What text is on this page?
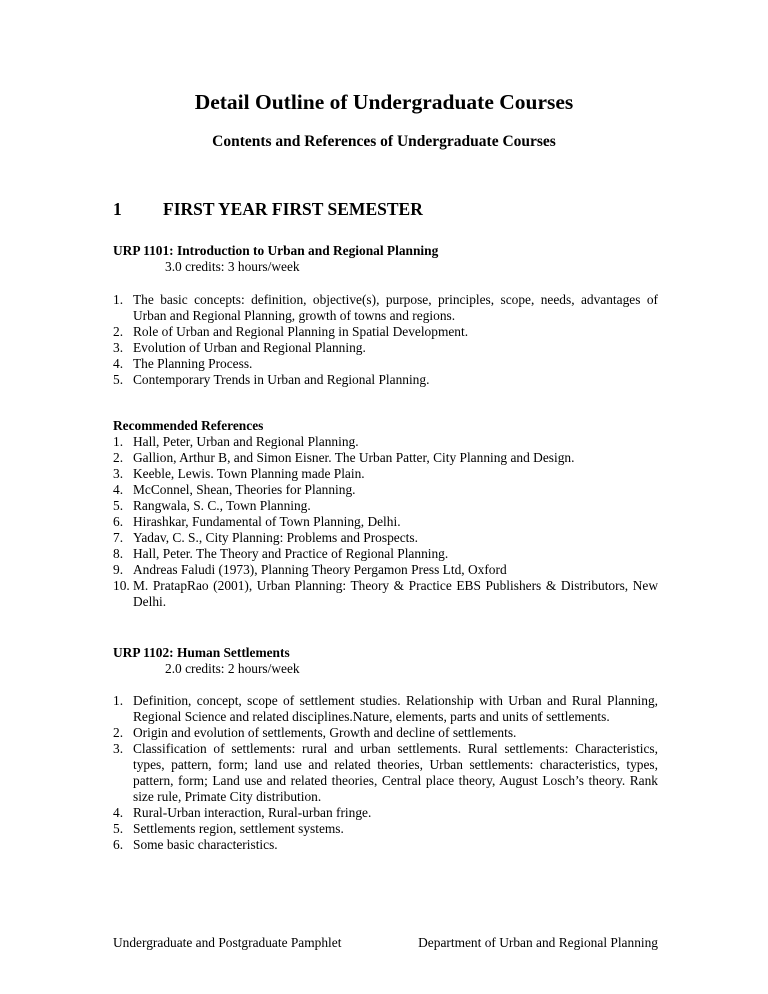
Detail Outline of Undergraduate Courses
Contents and References of Undergraduate Courses
1 FIRST YEAR FIRST SEMESTER
URP 1101: Introduction to Urban and Regional Planning
3.0 credits: 3 hours/week
1. The basic concepts: definition, objective(s), purpose, principles, scope, needs, advantages of Urban and Regional Planning, growth of towns and regions.
2. Role of Urban and Regional Planning in Spatial Development.
3. Evolution of Urban and Regional Planning.
4. The Planning Process.
5. Contemporary Trends in Urban and Regional Planning.
Recommended References
1. Hall, Peter, Urban and Regional Planning.
2. Gallion, Arthur B, and Simon Eisner. The Urban Patter, City Planning and Design.
3. Keeble, Lewis. Town Planning made Plain.
4. McConnel, Shean, Theories for Planning.
5. Rangwala, S. C., Town Planning.
6. Hirashkar, Fundamental of Town Planning, Delhi.
7. Yadav, C. S., City Planning: Problems and Prospects.
8. Hall, Peter. The Theory and Practice of Regional Planning.
9. Andreas Faludi (1973), Planning Theory Pergamon Press Ltd, Oxford
10. M. PratapRao (2001), Urban Planning: Theory & Practice EBS Publishers & Distributors, New Delhi.
URP 1102: Human Settlements
2.0 credits: 2 hours/week
1. Definition, concept, scope of settlement studies. Relationship with Urban and Rural Planning, Regional Science and related disciplines.Nature, elements, parts and units of settlements.
2. Origin and evolution of settlements, Growth and decline of settlements.
3. Classification of settlements: rural and urban settlements. Rural settlements: Characteristics, types, pattern, form; land use and related theories, Urban settlements: characteristics, types, pattern, form; Land use and related theories, Central place theory, August Losch’s theory. Rank size rule, Primate City distribution.
4. Rural-Urban interaction, Rural-urban fringe.
5. Settlements region, settlement systems.
6. Some basic characteristics.
Undergraduate and Postgraduate Pamphlet	Department of Urban and Regional Planning
